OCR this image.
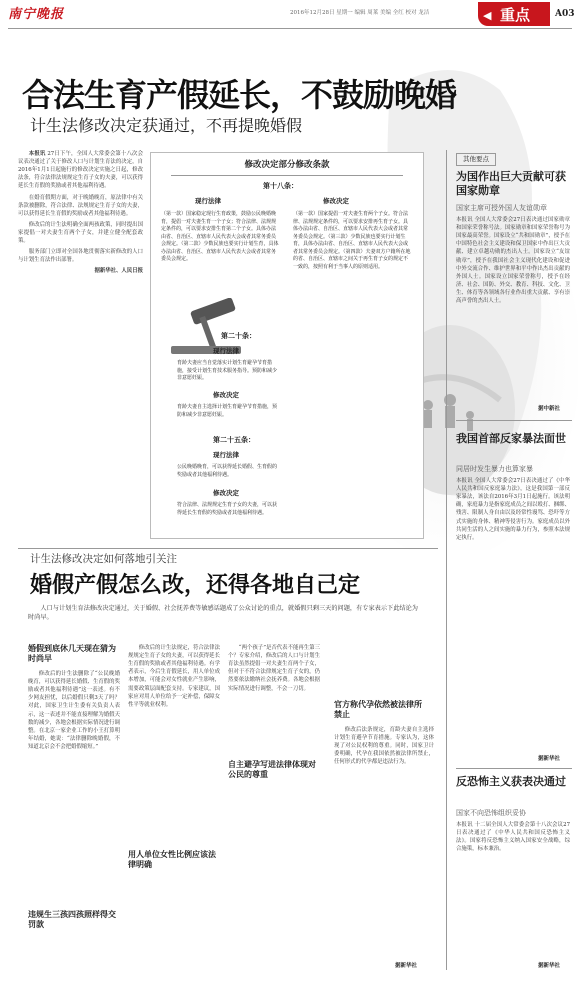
南宁晚报	2016年12月28日 星期一 编辑 周莱 美编 全红 校对 龙洁	◀ 重点	A03
合法生育产假延长，不鼓励晚婚
计生法修改决定获通过，不再提晚婚假

本报讯 27日下午，全国人大常委会第十八次会议表决通过了关于修改人口与计划生育法的决定，自2016年1月1日起施行的修改决定实施之日起，修改法条，符合法律法规规定生育子女的夫妻，可以获得延长生育假的奖励或者其他福利待遇。

在婚育假期方面，对于晚婚晚育，原法律中有关条款被删除，符合法律、法规规定生育子女的夫妻，可以获得延长生育假的奖励或者其他福利待遇。

修改后的计生法明确全面两孩政策，同时提出国家提倡一对夫妻生育两个子女，并建立健全配套政策。

服务部门立即对全国各地贯彻落实新修改的人口与计划生育法作出部署。

据新华社、人民日报

修改决定部分修改条款
第十八条：
现行法律	修改决定
（第一款）国家稳定现行生育政策，鼓励公民晚婚晚育，提倡一对夫妻生育一个子女；符合法律、法规规定条件的，可以要求安排生育第二个子女。具体办法由省、自治区、直辖市人民代表大会或者其常务委员会规定。（第二款）少数民族也要实行计划生育，具体办法由省、自治区、直辖市人民代表大会或者其常务委员会规定。
（第一款）国家提倡一对夫妻生育两个子女。符合法律、法规规定条件的，可以要求安排再生育子女。具体办法由省、自治区、直辖市人民代表大会或者其常务委员会规定。（第三款）少数民族也要实行计划生育，具体办法由省、自治区、直辖市人民代表大会或者其常务委员会规定。（第四款）夫妻双方户籍所在地的省、自治区、直辖市之间关于再生育子女的规定不一致的，按照有利于当事人的原则适用。
第二十条：
现行法律
育龄夫妻应当自觉落实计划生育避孕节育措施，接受计划生育技术服务指导。预防和减少非意愿妊娠。
修改决定
育龄夫妻自主选择计划生育避孕节育措施，预防和减少非意愿妊娠。
第二十五条：
现行法律
公民晚婚晚育，可以获得延长婚假、生育假的奖励或者其他福利待遇。
修改决定
符合法律、法规规定生育子女的夫妻，可以获得延长生育假的奖励或者其他福利待遇。
其他要点
为国作出巨大贡献可获国家勋章
国家主席可授外国人友谊勋章
本报讯 全国人大常委会27日表决通过国家勋章和国家荣誉称号法。国家勋章和国家荣誉称号为国家最高荣誉。国家设立“共和国勋章”，授予在中国特色社会主义建设和保卫国家中作出巨大贡献、建立卓越功勋的杰出人士。国家设立“友谊勋章”，授予在我国社会主义现代化建设和促进中外交流合作、维护世界和平中作出杰出贡献的外国人士。国家设立国家荣誉称号，授予在经济、社会、国防、外交、教育、科技、文化、卫生、体育等各领域各行业作出重大贡献、享有崇高声誉的杰出人士。
据中新社
我国首部反家暴法面世
同居时发生暴力也算家暴
本报讯 全国人大常委会27日表决通过了《中华人民共和国反家庭暴力法》，这是我国第一部反家暴法，该法自2016年3月1日起施行。该法明确，家庭暴力是指家庭成员之间以殴打、捆绑、残害、限制人身自由以及经常性谩骂、恐吓等方式实施的身体、精神等侵害行为。家庭成员以外共同生活的人之间实施的暴力行为，参照本法规定执行。
据新华社
反恐怖主义获表决通过
国家不向恐怖组织妥协
本报讯 十二届全国人大常委会第十八次会议27日表决通过了《中华人民共和国反恐怖主义法》。国家将反恐怖主义纳入国家安全战略，综合施策，标本兼治。
据新华社
计生法修改决定如何落地引关注
婚假产假怎么改，还得各地自己定
人口与计划生育法修改决定通过，关于婚假、社会抚养费等敏感话题成了公众讨论的重点，就婚假只剩三天的问题，有专家表示下此结论为时尚早。
婚假到底休几天现在猜为时尚早

修改后的计生法删除了“公民晚婚晚育，可以获得延长婚假、生育假的奖励或者其他福利待遇”这一表述。有不少网友担忧，以后婚假只剩3天了吗？对此，国家卫生计生委有关负责人表示，这一表述并不能直接理解为婚假天数的减少，各地会根据实际情况进行调整。在北京一家企业工作的小王打算明年结婚，她说：“法律删除晚婚假，不知道北京会不会把婚假缩短。”

违规生三孩四孩照样得交罚款

修改后的计生法规定，符合法律法规规定生育子女的夫妻，可以获得延长生育假的奖励或者其他福利待遇。有学者表示，今后生育假延长，用人单位成本增加，可能会对女性就业产生影响，需要政策层面配套支持。专家建议，国家应对用人单位给予一定补偿，保障女性平等就业权利。

用人单位女性比例应该法律明确
自主避孕写进法律体现对公民的尊重

“两个孩子”是否代表不能再生第三个？专家介绍，修改后的人口与计划生育法虽然提倡一对夫妻生育两个子女，但对于不符合法律规定生育子女的，仍然要依法缴纳社会抚养费。各地会根据实际情况进行调整，不会一刀切。

官方称代孕依然被法律所禁止

修改后法条规定，育龄夫妻自主选择计划生育避孕节育措施。专家认为，这体现了对公民权利的尊重。同时，国家卫计委明确，代孕在我国依然被法律所禁止，任何形式的代孕都是违法行为。

据新华社
